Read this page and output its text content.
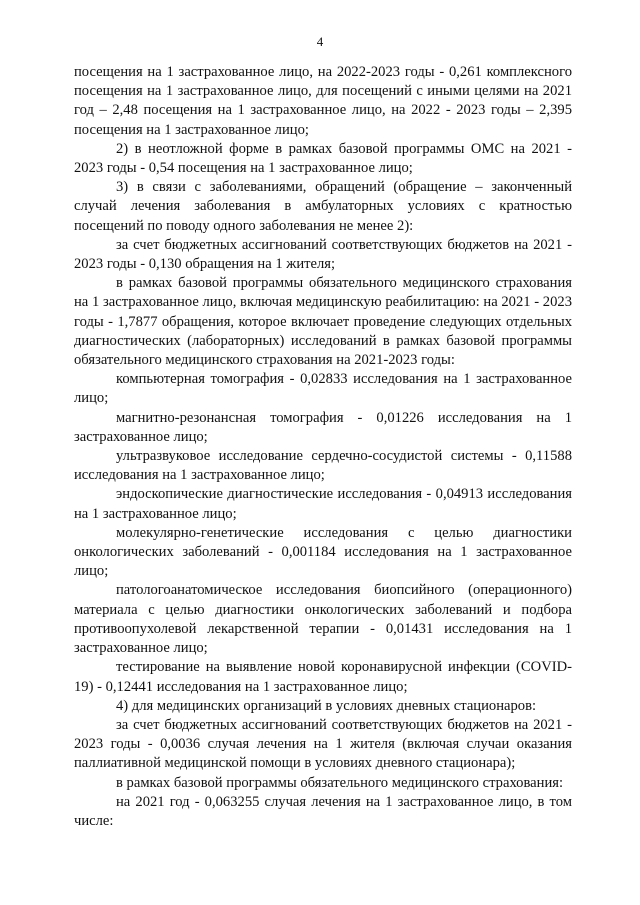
4

посещения на 1 застрахованное лицо, на 2022-2023 годы - 0,261 комплексного посещения на 1 застрахованное лицо, для посещений с иными целями на 2021 год – 2,48 посещения на 1 застрахованное лицо, на 2022 - 2023 годы – 2,395 посещения на 1 застрахованное лицо;

2) в неотложной форме в рамках базовой программы ОМС на 2021 - 2023 годы - 0,54 посещения на 1 застрахованное лицо;

3) в связи с заболеваниями, обращений (обращение – законченный случай лечения заболевания в амбулаторных условиях с кратностью посещений по поводу одного заболевания не менее 2):

за счет бюджетных ассигнований соответствующих бюджетов на 2021 - 2023 годы - 0,130 обращения на 1 жителя;

в рамках базовой программы обязательного медицинского страхования на 1 застрахованное лицо, включая медицинскую реабилитацию: на 2021 - 2023 годы - 1,7877 обращения, которое включает проведение следующих отдельных диагностических (лабораторных) исследований в рамках базовой программы обязательного медицинского страхования на 2021-2023 годы:

компьютерная томография - 0,02833 исследования на 1 застрахованное лицо;

магнитно-резонансная томография - 0,01226 исследования на 1 застрахованное лицо;

ультразвуковое исследование сердечно-сосудистой системы - 0,11588 исследования на 1 застрахованное лицо;

эндоскопические диагностические исследования - 0,04913 исследования на 1 застрахованное лицо;

молекулярно-генетические исследования с целью диагностики онкологических заболеваний - 0,001184 исследования на 1 застрахованное лицо;

патологоанатомическое исследования биопсийного (операционного) материала с целью диагностики онкологических заболеваний и подбора противоопухолевой лекарственной терапии - 0,01431 исследования на 1 застрахованное лицо;

тестирование на выявление новой коронавирусной инфекции (COVID-19) - 0,12441 исследования на 1 застрахованное лицо;

4) для медицинских организаций в условиях дневных стационаров:

за счет бюджетных ассигнований соответствующих бюджетов на 2021 - 2023 годы - 0,0036 случая лечения на 1 жителя (включая случаи оказания паллиативной медицинской помощи в условиях дневного стационара);

в рамках базовой программы обязательного медицинского страхования:

на 2021 год - 0,063255 случая лечения на 1 застрахованное лицо, в том числе:
